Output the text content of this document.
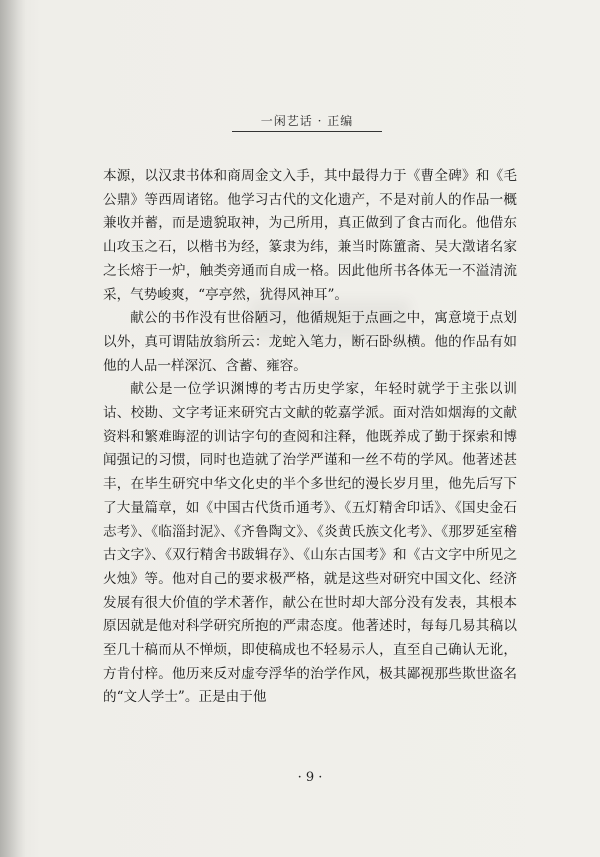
一闲艺话 · 正编

本源，以汉隶书体和商周金文入手，其中最得力于《曹全碑》和《毛公鼎》等西周诸铭。他学习古代的文化遗产，不是对前人的作品一概兼收并蓄，而是遗貌取神，为己所用，真正做到了食古而化。他借东山攻玉之石，以楷书为经，篆隶为纬，兼当时陈簠斋、吴大澂诸名家之长熔于一炉，触类旁通而自成一格。因此他所书各体无一不溢清流采，气势峻爽，“亭亭然，犹得风神耳”。

献公的书作没有世俗陋习，他循规矩于点画之中，寓意境于点划以外，真可谓陆放翁所云：龙蛇入笔力，断石卧纵横。他的作品有如他的人品一样深沉、含蓄、雍容。

献公是一位学识渊博的考古历史学家，年轻时就学于主张以训诂、校勘、文字考证来研究古文献的乾嘉学派。面对浩如烟海的文献资料和繁难晦涩的训诂字句的查阅和注释，他既养成了勤于探索和博闻强记的习惯，同时也造就了治学严谨和一丝不苟的学风。他著述甚丰，在毕生研究中华文化史的半个多世纪的漫长岁月里，他先后写下了大量篇章，如《中国古代货币通考》、《五灯精舍印话》、《国史金石志考》、《临淄封泥》、《齐鲁陶文》、《炎黄氏族文化考》、《那罗延室稽古文字》、《双行精舍书跋辑存》、《山东古国考》和《古文字中所见之火烛》等。他对自己的要求极严格，就是这些对研究中国文化、经济发展有很大价值的学术著作，献公在世时却大部分没有发表，其根本原因就是他对科学研究所抱的严肃态度。他著述时，每每几易其稿以至几十稿而从不惮烦，即使稿成也不轻易示人，直至自己确认无讹，方肯付梓。他历来反对虚夸浮华的治学作风，极其鄙视那些欺世盗名的“文人学士”。正是由于他

· 9 ·
